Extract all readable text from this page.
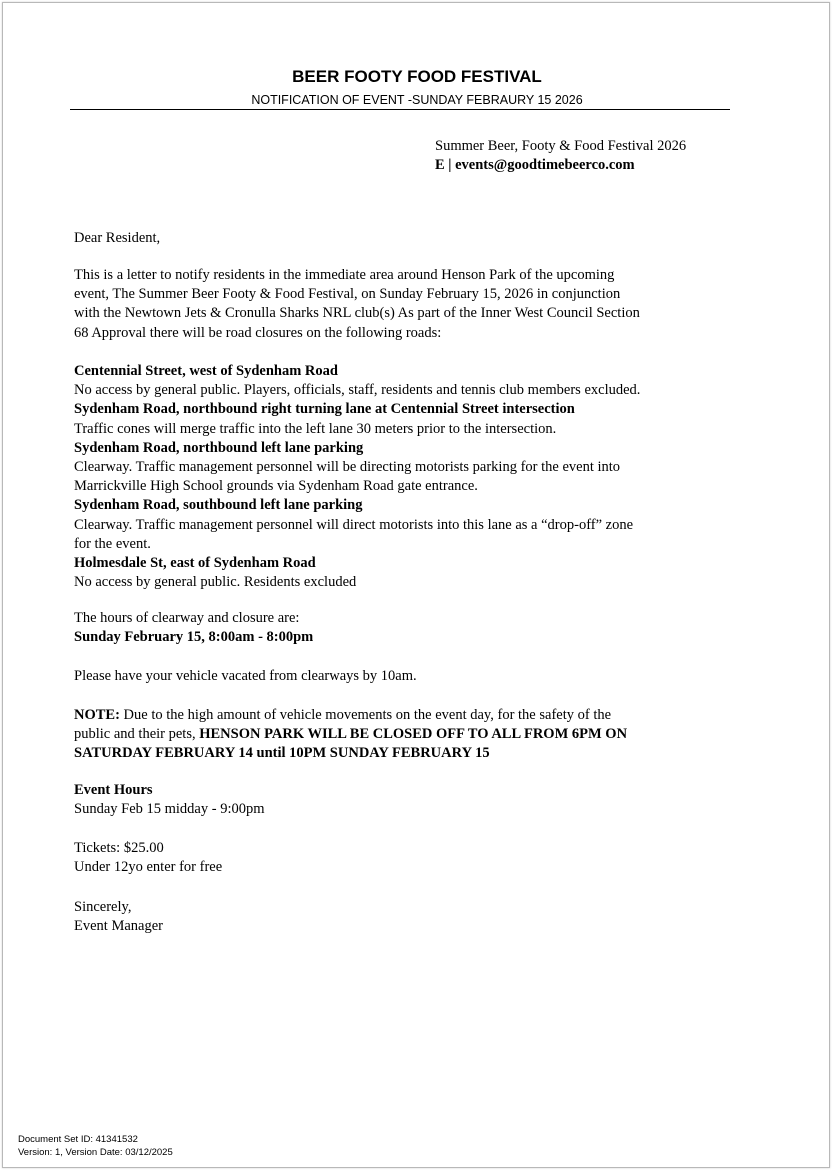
BEER FOOTY FOOD FESTIVAL
NOTIFICATION OF EVENT -SUNDAY FEBRAURY 15 2026
Summer Beer, Footy & Food Festival 2026
E | events@goodtimebeerco.com
Dear Resident,
This is a letter to notify residents in the immediate area around Henson Park of the upcoming
event, The Summer Beer Footy & Food Festival, on Sunday February 15, 2026 in conjunction
with the Newtown Jets & Cronulla Sharks NRL club(s) As part of the Inner West Council Section
68 Approval there will be road closures on the following roads:
Centennial Street, west of Sydenham Road
No access by general public. Players, officials, staff, residents and tennis club members excluded.
Sydenham Road, northbound right turning lane at Centennial Street intersection
Traffic cones will merge traffic into the left lane 30 meters prior to the intersection.
Sydenham Road, northbound left lane parking
Clearway. Traffic management personnel will be directing motorists parking for the event into
Marrickville High School grounds via Sydenham Road gate entrance.
Sydenham Road, southbound left lane parking
Clearway. Traffic management personnel will direct motorists into this lane as a “drop-off” zone
for the event.
Holmesdale St, east of Sydenham Road
No access by general public. Residents excluded
The hours of clearway and closure are:
Sunday February 15, 8:00am - 8:00pm
Please have your vehicle vacated from clearways by 10am.
NOTE: Due to the high amount of vehicle movements on the event day, for the safety of the
public and their pets, HENSON PARK WILL BE CLOSED OFF TO ALL FROM 6PM ON
SATURDAY FEBRUARY 14 until 10PM SUNDAY FEBRUARY 15
Event Hours
Sunday Feb 15 midday - 9:00pm
Tickets: $25.00
Under 12yo enter for free
Sincerely,
Event Manager
Document Set ID: 41341532
Version: 1, Version Date: 03/12/2025
